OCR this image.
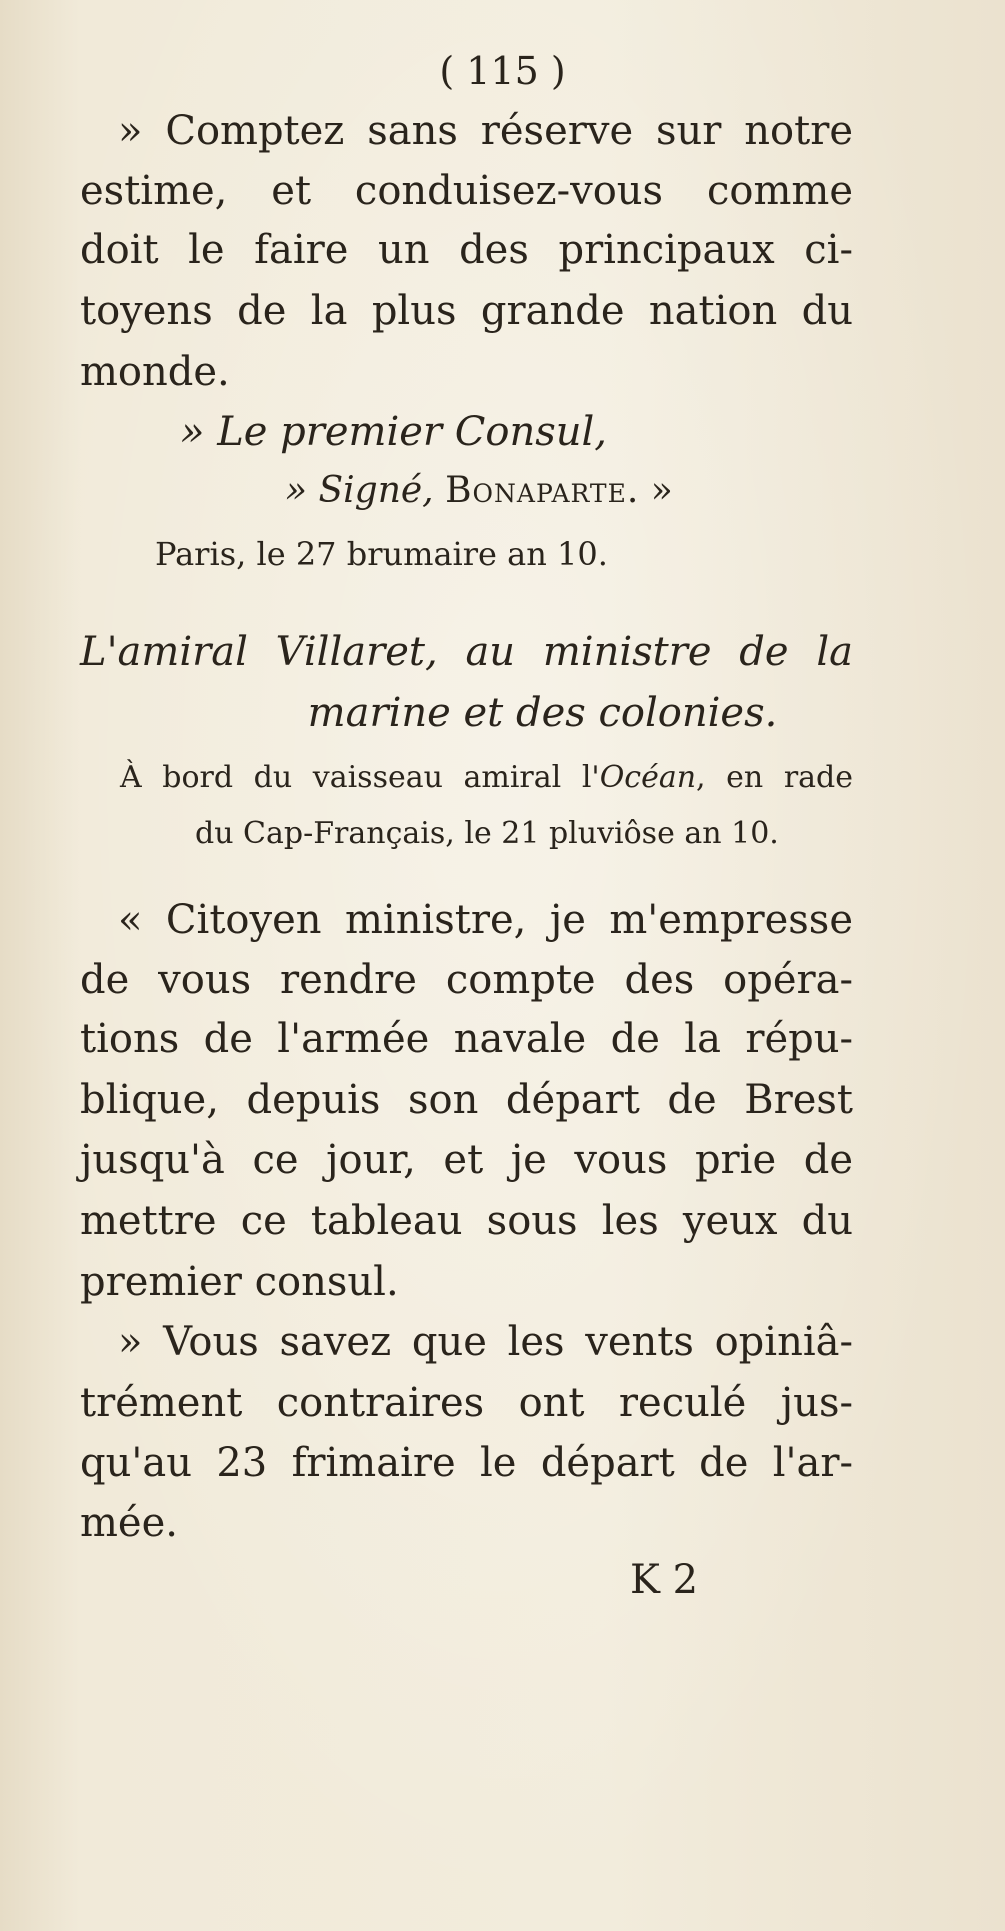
( 115 )
» Comptez sans réserve sur notre
estime, et conduisez-vous comme
doit le faire un des principaux ci-
toyens de la plus grande nation du
monde.
» Le premier Consul,
» Signé, Bonaparte. »
Paris, le 27 brumaire an 10.
L'amiral Villaret, au ministre de la
marine et des colonies.
À bord du vaisseau amiral l'Océan, en rade
du Cap-Français, le 21 pluviôse an 10.
« Citoyen ministre, je m'empresse
de vous rendre compte des opéra-
tions de l'armée navale de la répu-
blique, depuis son départ de Brest
jusqu'à ce jour, et je vous prie de
mettre ce tableau sous les yeux du
premier consul.
» Vous savez que les vents opiniâ-
trément contraires ont reculé jus-
qu'au 23 frimaire le départ de l'ar-
mée.
K 2
